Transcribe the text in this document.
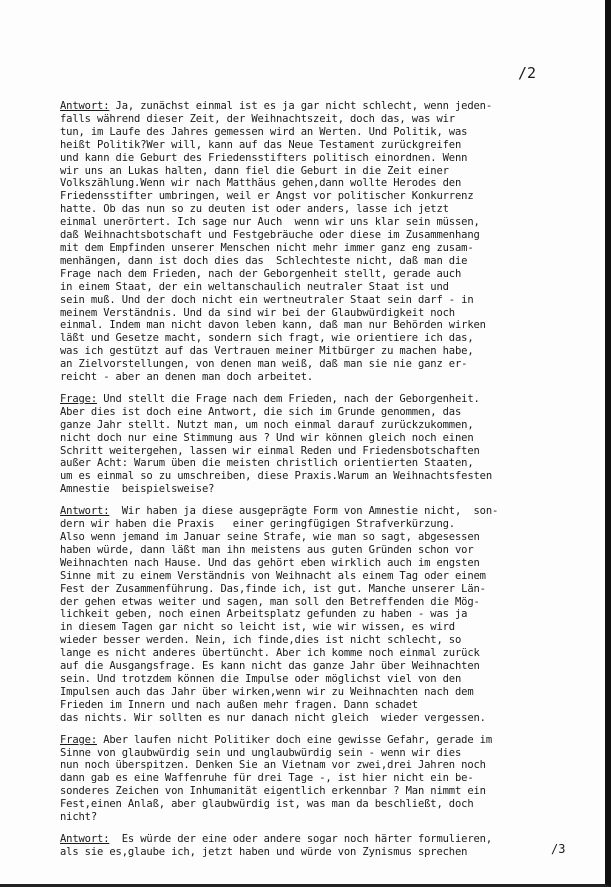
/2
Antwort: Ja, zunächst einmal ist es ja gar nicht schlecht, wenn jeden-
falls während dieser Zeit, der Weihnachtszeit, doch das, was wir
tun, im Laufe des Jahres gemessen wird an Werten. Und Politik, was
heißt Politik?Wer will, kann auf das Neue Testament zurückgreifen
und kann die Geburt des Friedensstifters politisch einordnen. Wenn
wir uns an Lukas halten, dann fiel die Geburt in die Zeit einer
Volkszählung.Wenn wir nach Matthäus gehen,dann wollte Herodes den
Friedensstifter umbringen, weil er Angst vor politischer Konkurrenz
hatte. Ob das nun so zu deuten ist oder anders, lasse ich jetzt
einmal unerörtert. Ich sage nur Auch  wenn wir uns klar sein müssen,
daß Weihnachtsbotschaft und Festgebräuche oder diese im Zusammenhang
mit dem Empfinden unserer Menschen nicht mehr immer ganz eng zusam-
menhängen, dann ist doch dies das  Schlechteste nicht, daß man die
Frage nach dem Frieden, nach der Geborgenheit stellt, gerade auch
in einem Staat, der ein weltanschaulich neutraler Staat ist und
sein muß. Und der doch nicht ein wertneutraler Staat sein darf - in
meinem Verständnis. Und da sind wir bei der Glaubwürdigkeit noch
einmal. Indem man nicht davon leben kann, daß man nur Behörden wirken
läßt und Gesetze macht, sondern sich fragt, wie orientiere ich das,
was ich gestützt auf das Vertrauen meiner Mitbürger zu machen habe,
an Zielvorstellungen, von denen man weiß, daß man sie nie ganz er-
reicht - aber an denen man doch arbeitet.
Frage: Und stellt die Frage nach dem Frieden, nach der Geborgenheit.
Aber dies ist doch eine Antwort, die sich im Grunde genommen, das
ganze Jahr stellt. Nutzt man, um noch einmal darauf zurückzukommen,
nicht doch nur eine Stimmung aus ? Und wir können gleich noch einen
Schritt weitergehen, lassen wir einmal Reden und Friedensbotschaften
außer Acht: Warum üben die meisten christlich orientierten Staaten,
um es einmal so zu umschreiben, diese Praxis.Warum an Weihnachtsfesten
Amnestie  beispielsweise?
Antwort:  Wir haben ja diese ausgeprägte Form von Amnestie nicht,  son-
dern wir haben die Praxis   einer geringfügigen Strafverkürzung.
Also wenn jemand im Januar seine Strafe, wie man so sagt, abgesessen
haben würde, dann läßt man ihn meistens aus guten Gründen schon vor
Weihnachten nach Hause. Und das gehört eben wirklich auch im engsten
Sinne mit zu einem Verständnis von Weihnacht als einem Tag oder einem
Fest der Zusammenführung. Das,finde ich, ist gut. Manche unserer Län-
der gehen etwas weiter und sagen, man soll den Betreffenden die Mög-
lichkeit geben, noch einen Arbeitsplatz gefunden zu haben - was ja
in diesem Tagen gar nicht so leicht ist, wie wir wissen, es wird
wieder besser werden. Nein, ich finde,dies ist nicht schlecht, so
lange es nicht anderes übertüncht. Aber ich komme noch einmal zurück
auf die Ausgangsfrage. Es kann nicht das ganze Jahr über Weihnachten
sein. Und trotzdem können die Impulse oder möglichst viel von den
Impulsen auch das Jahr über wirken,wenn wir zu Weihnachten nach dem
Frieden im Innern und nach außen mehr fragen. Dann schadet
das nichts. Wir sollten es nur danach nicht gleich  wieder vergessen.
Frage: Aber laufen nicht Politiker doch eine gewisse Gefahr, gerade im
Sinne von glaubwürdig sein und unglaubwürdig sein - wenn wir dies
nun noch überspitzen. Denken Sie an Vietnam vor zwei,drei Jahren noch
dann gab es eine Waffenruhe für drei Tage -, ist hier nicht ein be-
sonderes Zeichen von Inhumanität eigentlich erkennbar ? Man nimmt ein
Fest,einen Anlaß, aber glaubwürdig ist, was man da beschließt, doch
nicht?
Antwort:  Es würde der eine oder andere sogar noch härter formulieren,
als sie es,glaube ich, jetzt haben und würde von Zynismus sprechen	/3
